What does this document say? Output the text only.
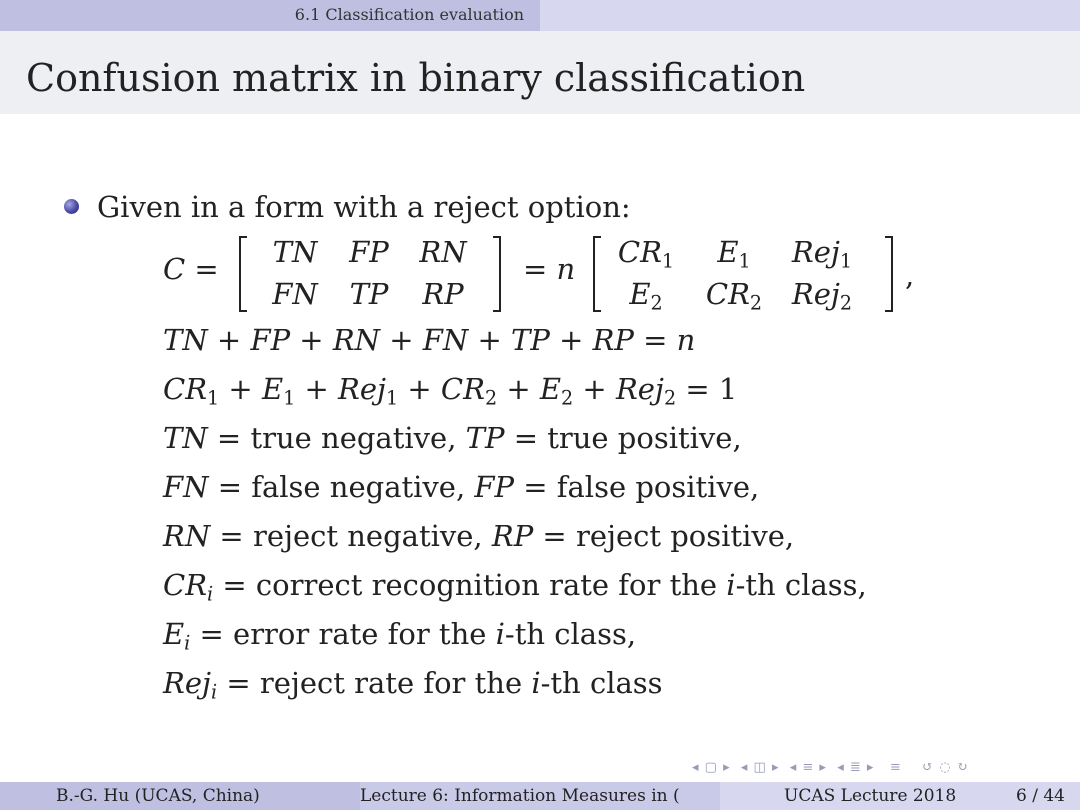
6.1 Classification evaluation
Confusion matrix in binary classification
Given in a form with a reject option:
C =	TN	FP	RN
FN	TP	RP
= n	$CR_1$	$E_1$	Rej$_1$
$E_2$	$CR_2$	Rej$_2$
,
TN + FP + RN + FN + TP + RP = n
$CR_1 + E_1 + Rej_1 + CR_2 + E_2 + Rej_2 = 1$
TN = true negative, TP = true positive,
FN = false negative, FP = false positive,
RN = reject negative, RP = reject positive,
$CR_i$ = correct recognition rate for the i-th class,
$E_i$ = error rate for the i-th class,
Rej$_i$ = reject rate for the i-th class
◂ ▢ ▸ ◂ ◫ ▸ ◂ ≡ ▸ ◂ ≣ ▸ ≡ ↺ ◌ ↻
B.-G. Hu (UCAS, China)	Lecture 6: Information Measures in (	UCAS Lecture 2018	6 / 44
